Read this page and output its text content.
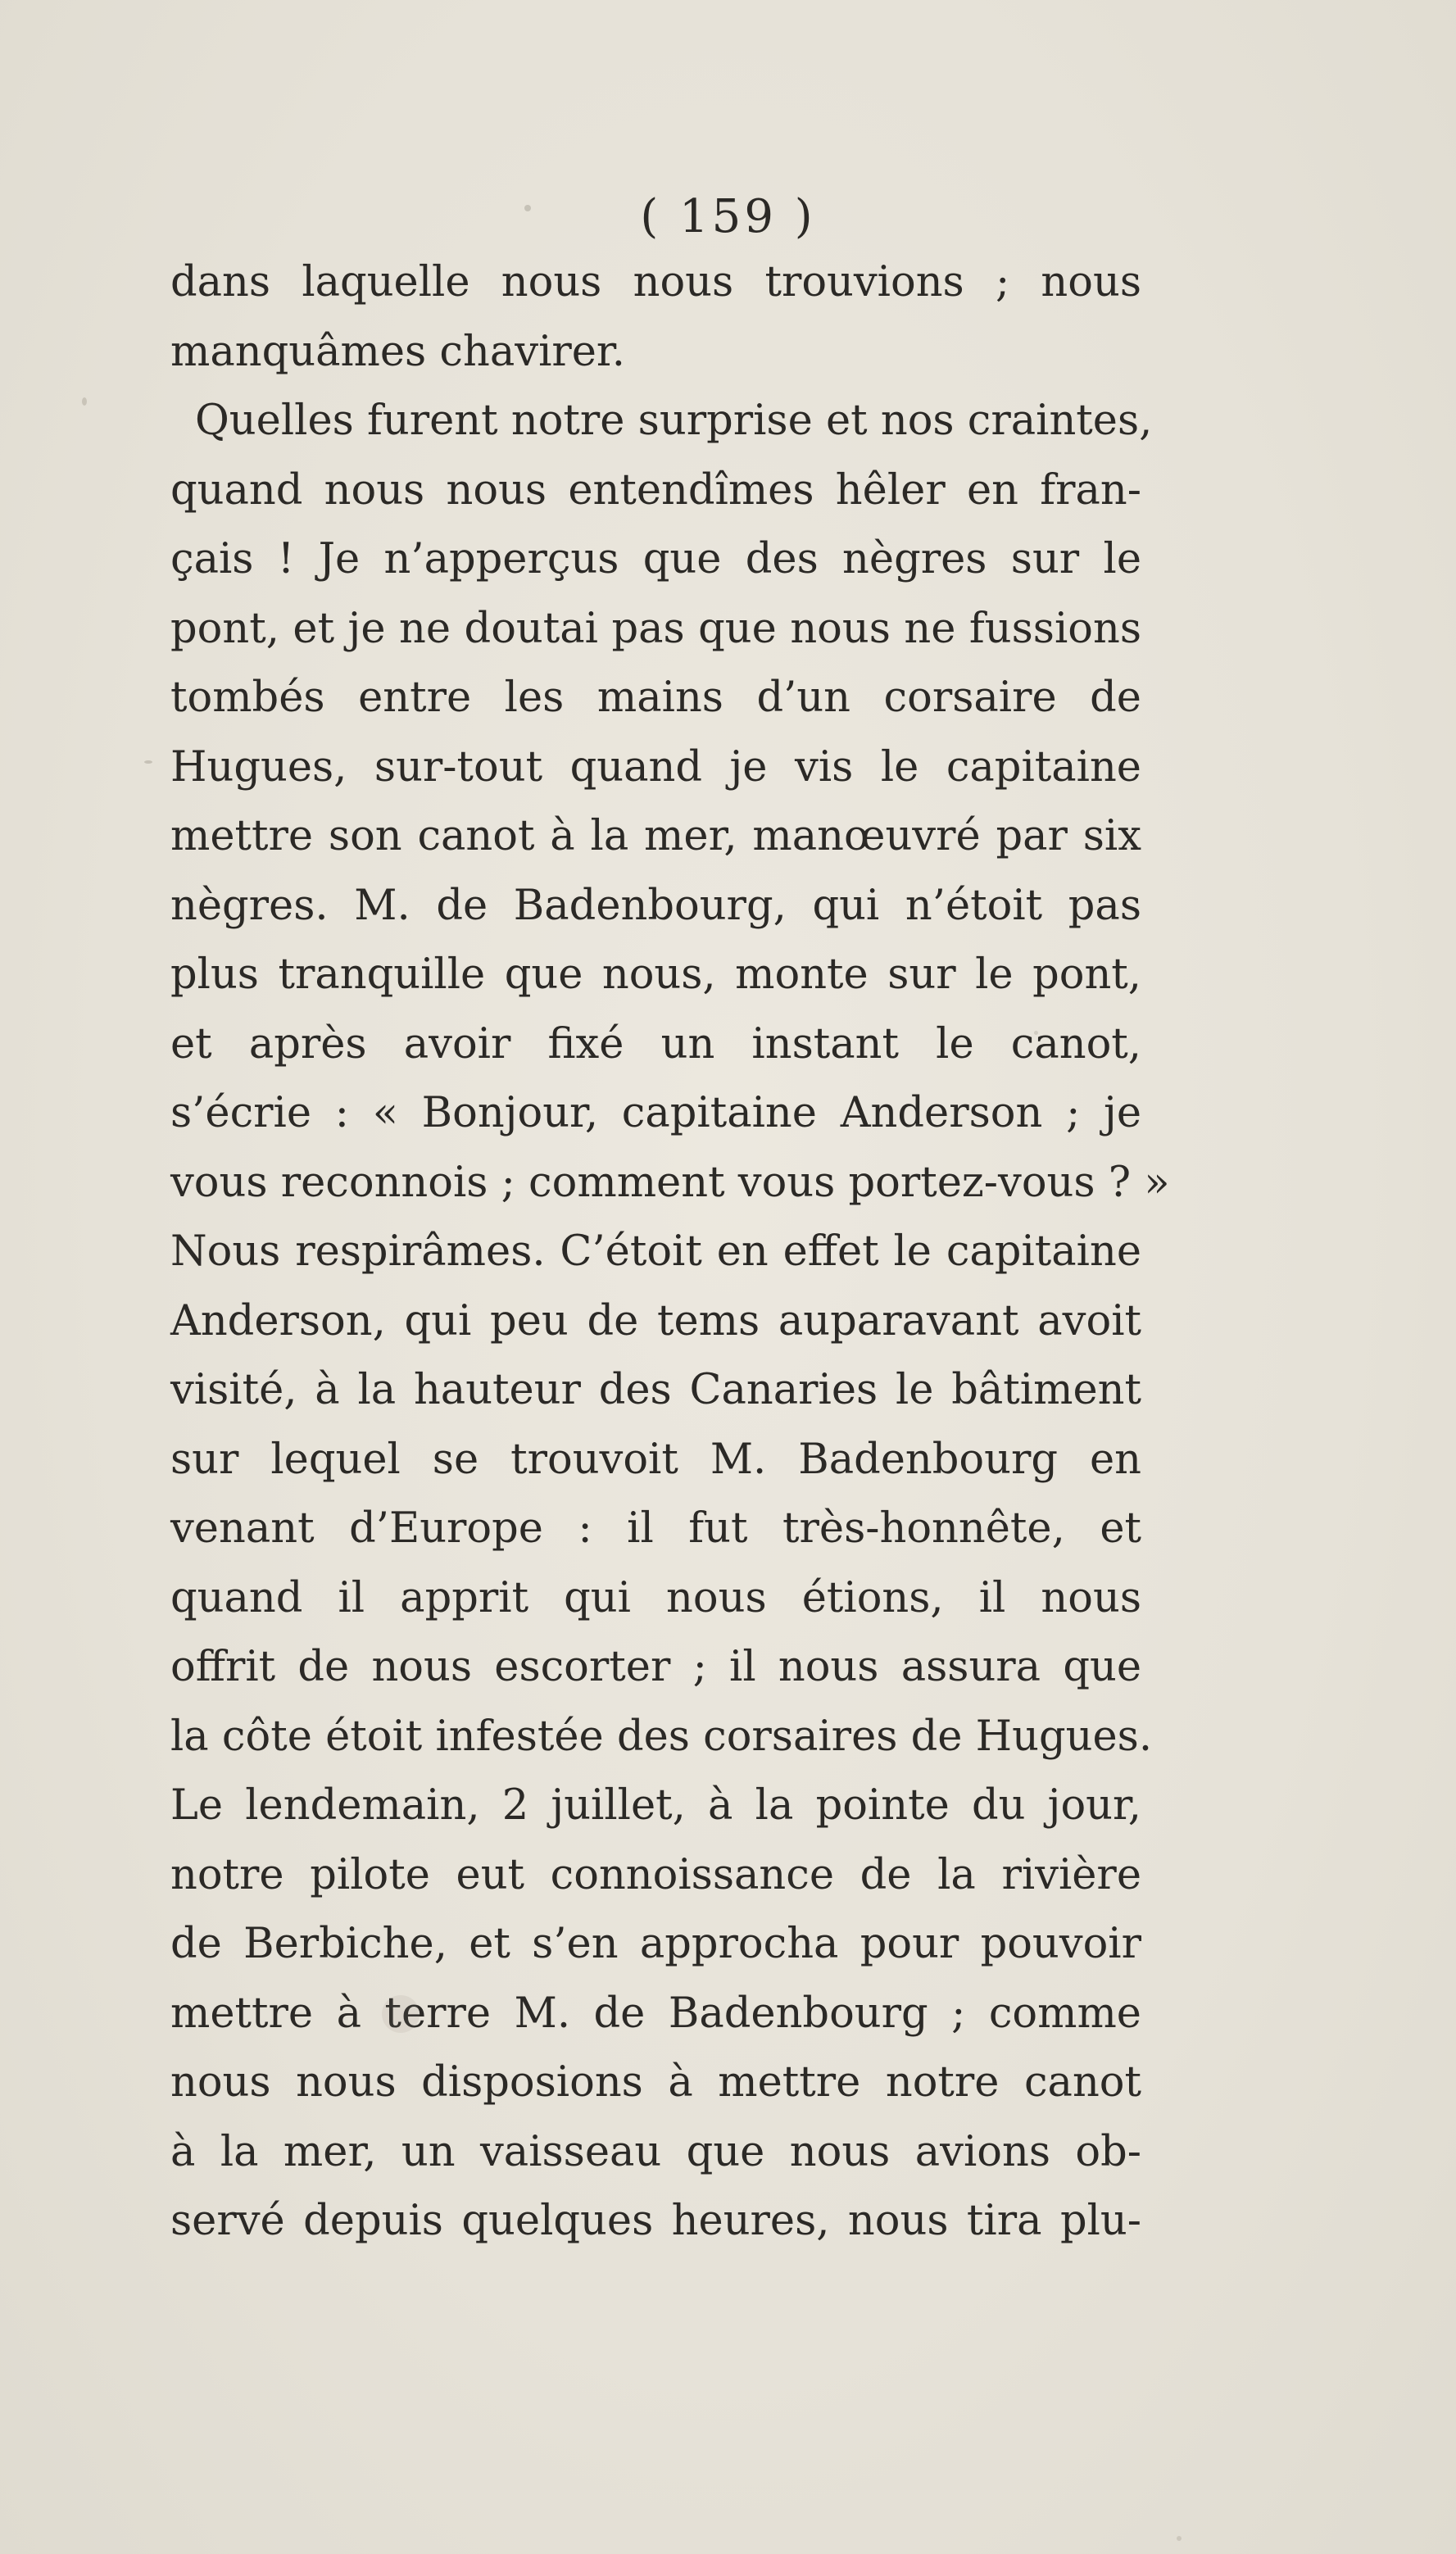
( 159 )
dans laquelle nous nous trouvions ; nous
manquâmes chavirer.
Quelles furent notre surprise et nos craintes,
quand nous nous entendîmes hêler en fran-
çais ! Je n’apperçus que des nègres sur le
pont, et je ne doutai pas que nous ne fussions
tombés entre les mains d’un corsaire de
Hugues, sur-tout quand je vis le capitaine
mettre son canot à la mer, manœuvré par six
nègres. M. de Badenbourg, qui n’étoit pas
plus tranquille que nous, monte sur le pont,
et après avoir fixé un instant le canot,
s’écrie : « Bonjour, capitaine Anderson ; je
vous reconnois ; comment vous portez-vous ? »
Nous respirâmes. C’étoit en effet le capitaine
Anderson, qui peu de tems auparavant avoit
visité, à la hauteur des Canaries le bâtiment
sur lequel se trouvoit M. Badenbourg en
venant d’Europe : il fut très-honnête, et
quand il apprit qui nous étions, il nous
offrit de nous escorter ; il nous assura que
la côte étoit infestée des corsaires de Hugues.
Le lendemain, 2 juillet, à la pointe du jour,
notre pilote eut connoissance de la rivière
de Berbiche, et s’en approcha pour pouvoir
mettre à terre M. de Badenbourg ; comme
nous nous disposions à mettre notre canot
à la mer, un vaisseau que nous avions ob-
servé depuis quelques heures, nous tira plu-
